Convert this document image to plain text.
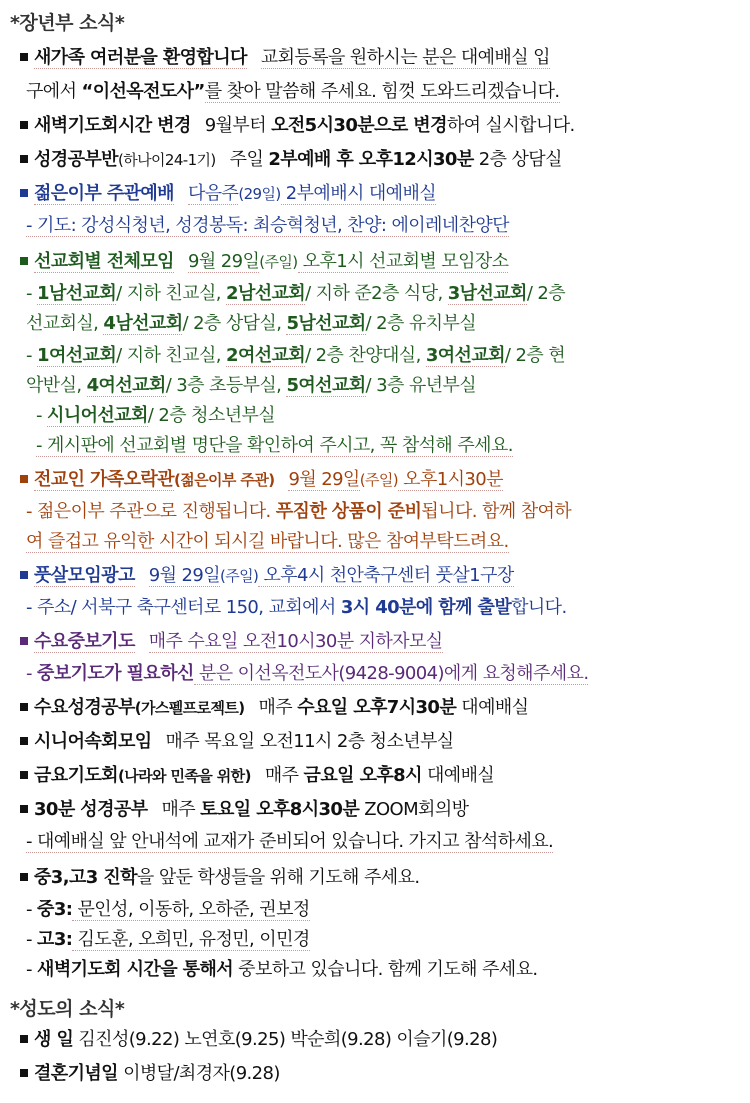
*장년부 소식*
새가족 여러분을 환영합니다 교회등록을 원하시는 분은 대예배실 입
구에서 “이선옥전도사”를 찾아 말씀해 주세요. 힘껏 도와드리겠습니다.
새벽기도회시간 변경 9월부터 오전5시30분으로 변경하여 실시합니다.
성경공부반(하나이24-1기) 주일 2부예배 후 오후12시30분 2층 상담실
젊은이부 주관예배 다음주(29일) 2부예배시 대예배실
- 기도: 강성식청년, 성경봉독: 최승혁청년, 찬양: 에이레네찬양단
선교회별 전체모임 9월 29일(주일) 오후1시 선교회별 모임장소
- 1남선교회/ 지하 친교실, 2남선교회/ 지하 준2층 식당, 3남선교회/ 2층
선교회실, 4남선교회/ 2층 상담실, 5남선교회/ 2층 유치부실
- 1여선교회/ 지하 친교실, 2여선교회/ 2층 찬양대실, 3여선교회/ 2층 현
악반실, 4여선교회/ 3층 초등부실, 5여선교회/ 3층 유년부실
- 시니어선교회/ 2층 청소년부실
- 게시판에 선교회별 명단을 확인하여 주시고, 꼭 참석해 주세요.
전교인 가족오락관(젊은이부 주관) 9월 29일(주일) 오후1시30분
- 젊은이부 주관으로 진행됩니다. 푸짐한 상품이 준비됩니다. 함께 참여하
여 즐겁고 유익한 시간이 되시길 바랍니다. 많은 참여부탁드려요.
풋살모임광고 9월 29일(주일) 오후4시 천안축구센터 풋살1구장
- 주소/ 서북구 축구센터로 150, 교회에서 3시 40분에 함께 출발합니다.
수요중보기도 매주 수요일 오전10시30분 지하자모실
- 중보기도가 필요하신 분은 이선옥전도사(9428-9004)에게 요청해주세요.
수요성경공부(가스펠프로젝트) 매주 수요일 오후7시30분 대예배실
시니어속회모임 매주 목요일 오전11시 2층 청소년부실
금요기도회(나라와 민족을 위한) 매주 금요일 오후8시 대예배실
30분 성경공부 매주 토요일 오후8시30분 ZOOM회의방
- 대예배실 앞 안내석에 교재가 준비되어 있습니다. 가지고 참석하세요.
중3,고3 진학을 앞둔 학생들을 위해 기도해 주세요.
- 중3: 문인성, 이동하, 오하준, 권보정
- 고3: 김도훈, 오희민, 유정민, 이민경
- 새벽기도회 시간을 통해서 중보하고 있습니다. 함께 기도해 주세요.
*성도의 소식*
생 일 김진성(9.22) 노연호(9.25) 박순희(9.28) 이슬기(9.28)
결혼기념일 이병달/최경자(9.28)
